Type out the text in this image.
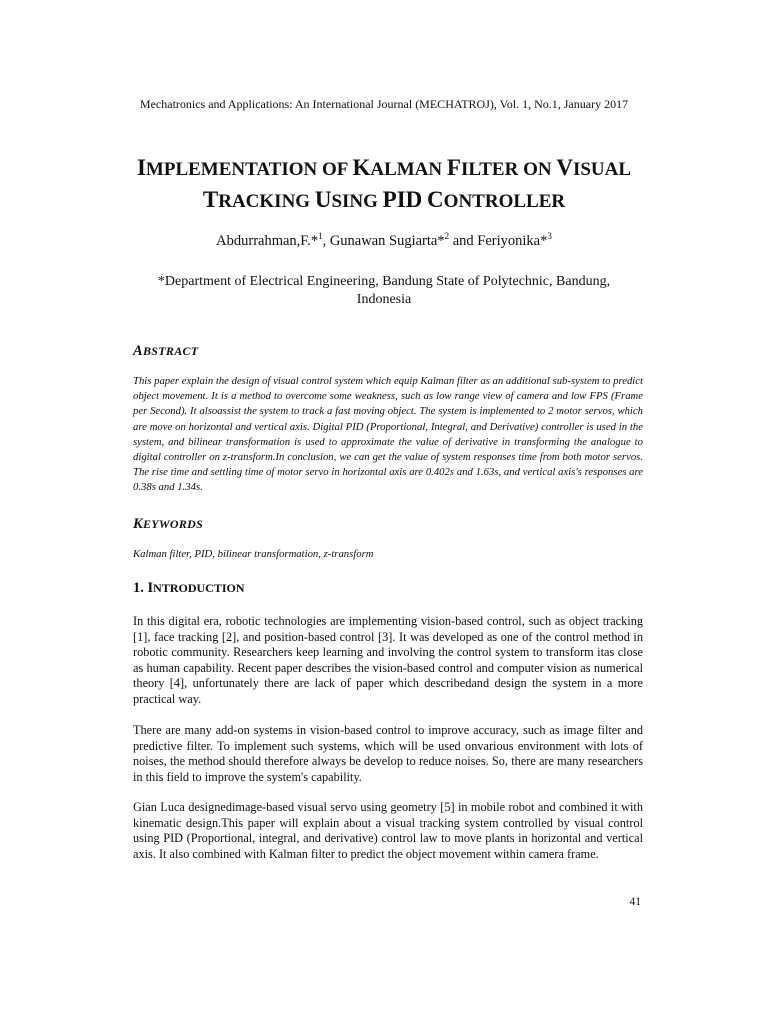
Mechatronics and Applications: An International Journal (MECHATROJ), Vol. 1, No.1, January 2017
IMPLEMENTATION OF KALMAN FILTER ON VISUAL
TRACKING USING PID CONTROLLER
Abdurrahman,F.*$^1$, Gunawan Sugiarta*$^2$ and Feriyonika*$^3$
*Department of Electrical Engineering, Bandung State of Polytechnic, Bandung, Indonesia
ABSTRACT
This paper explain the design of visual control system which equip Kalman filter as an additional sub-system to predict object movement. It is a method to overcome some weakness, such as low range view of camera and low FPS (Frame per Second). It alsoassist the system to track a fast moving object. The system is implemented to 2 motor servos, which are move on horizontal and vertical axis. Digital PID (Proportional, Integral, and Derivative) controller is used in the system, and bilinear transformation is used to approximate the value of derivative in transforming the analogue to digital controller on z-transform.In conclusion, we can get the value of system responses time from both motor servos. The rise time and settling time of motor servo in horizontal axis are 0.402s and 1.63s, and vertical axis's responses are 0.38s and 1.34s.
KEYWORDS
Kalman filter, PID, bilinear transformation, z-transform
1. INTRODUCTION
In this digital era, robotic technologies are implementing vision-based control, such as object tracking [1], face tracking [2], and position-based control [3]. It was developed as one of the control method in robotic community. Researchers keep learning and involving the control system to transform itas close as human capability. Recent paper describes the vision-based control and computer vision as numerical theory [4], unfortunately there are lack of paper which describedand design the system in a more practical way.
There are many add-on systems in vision-based control to improve accuracy, such as image filter and predictive filter. To implement such systems, which will be used onvarious environment with lots of noises, the method should therefore always be develop to reduce noises. So, there are many researchers in this field to improve the system's capability.
Gian Luca designedimage-based visual servo using geometry [5] in mobile robot and combined it with kinematic design.This paper will explain about a visual tracking system controlled by visual control using PID (Proportional, integral, and derivative) control law to move plants in horizontal and vertical axis. It also combined with Kalman filter to predict the object movement within camera frame.
41
